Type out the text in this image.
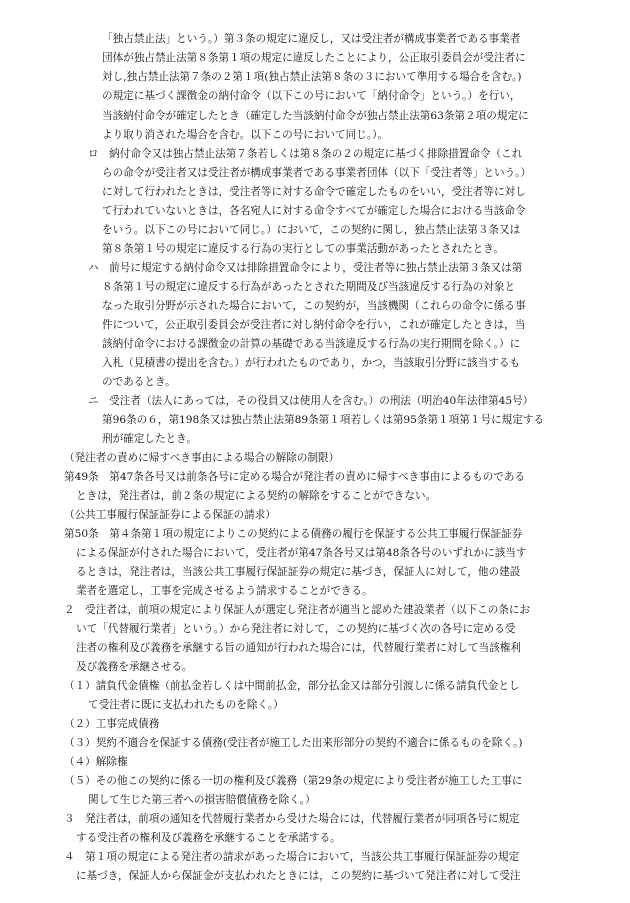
「独占禁止法」という。）第３条の規定に違反し，又は受注者が構成事業者である事業者
団体が独占禁止法第８条第１項の規定に違反したことにより，公正取引委員会が受注者に
対し,独占禁止法第７条の２第１項(独占禁止法第８条の３において準用する場合を含む｡)
の規定に基づく課徴金の納付命令（以下この号において「納付命令」という。）を行い，
当該納付命令が確定したとき（確定した当該納付命令が独占禁止法第63条第２項の規定に
より取り消された場合を含む。以下この号において同じ。）。
ロ　納付命令又は独占禁止法第７条若しくは第８条の２の規定に基づく排除措置命令（これ
らの命令が受注者又は受注者が構成事業者である事業者団体（以下「受注者等」という。）
に対して行われたときは，受注者等に対する命令で確定したものをいい，受注者等に対し
て行われていないときは，各名宛人に対する命令すべてが確定した場合における当該命令
をいう。以下この号において同じ。）において，この契約に関し，独占禁止法第３条又は
第８条第１号の規定に違反する行為の実行としての事業活動があったとされたとき。
ハ　前号に規定する納付命令又は排除措置命令により，受注者等に独占禁止法第３条又は第
８条第１号の規定に違反する行為があったとされた期間及び当該違反する行為の対象と
なった取引分野が示された場合において，この契約が，当該機関（これらの命令に係る事
件について，公正取引委員会が受注者に対し納付命令を行い，これが確定したときは，当
該納付命令における課徴金の計算の基礎である当該違反する行為の実行期間を除く。）に
入札（見積書の提出を含む。）が行われたものであり，かつ，当該取引分野に該当するも
のであるとき。
ニ　受注者（法人にあっては，その役員又は使用人を含む。）の刑法（明治40年法律第45号）
第96条の６，第198条又は独占禁止法第89条第１項若しくは第95条第１項第１号に規定する
刑が確定したとき。
（発注者の責めに帰すべき事由による場合の解除の制限）
第49条　第47条各号又は前条各号に定める場合が発注者の責めに帰すべき事由によるものである
ときは，発注者は，前２条の規定による契約の解除をすることができない。
（公共工事履行保証証券による保証の請求）
第50条　第４条第１項の規定によりこの契約による債務の履行を保証する公共工事履行保証証券
による保証が付された場合において，受注者が第47条各号又は第48条各号のいずれかに該当す
るときは，発注者は，当該公共工事履行保証証券の規定に基づき，保証人に対して，他の建設
業者を選定し，工事を完成させるよう請求することができる。
２　受注者は，前項の規定により保証人が選定し発注者が適当と認めた建設業者（以下この条にお
いて「代替履行業者」という。）から発注者に対して，この契約に基づく次の各号に定める受
注者の権利及び義務を承継する旨の通知が行われた場合には，代替履行業者に対して当該権利
及び義務を承継させる。
（１）請負代金債権（前払金若しくは中間前払金，部分払金又は部分引渡しに係る請負代金とし
て受注者に既に支払われたものを除く。）
（２）工事完成債務
（３）契約不適合を保証する債務(受注者が施工した出来形部分の契約不適合に係るものを除く｡)
（４）解除権
（５）その他この契約に係る一切の権利及び義務（第29条の規定により受注者が施工した工事に
関して生じた第三者への損害賠償債務を除く。）
３　発注者は，前項の通知を代替履行業者から受けた場合には，代替履行業者が同項各号に規定
する受注者の権利及び義務を承継することを承諾する。
４　第１項の規定による発注者の請求があった場合において，当該公共工事履行保証証券の規定
に基づき，保証人から保証金が支払われたときには，この契約に基づいて発注者に対して受注
